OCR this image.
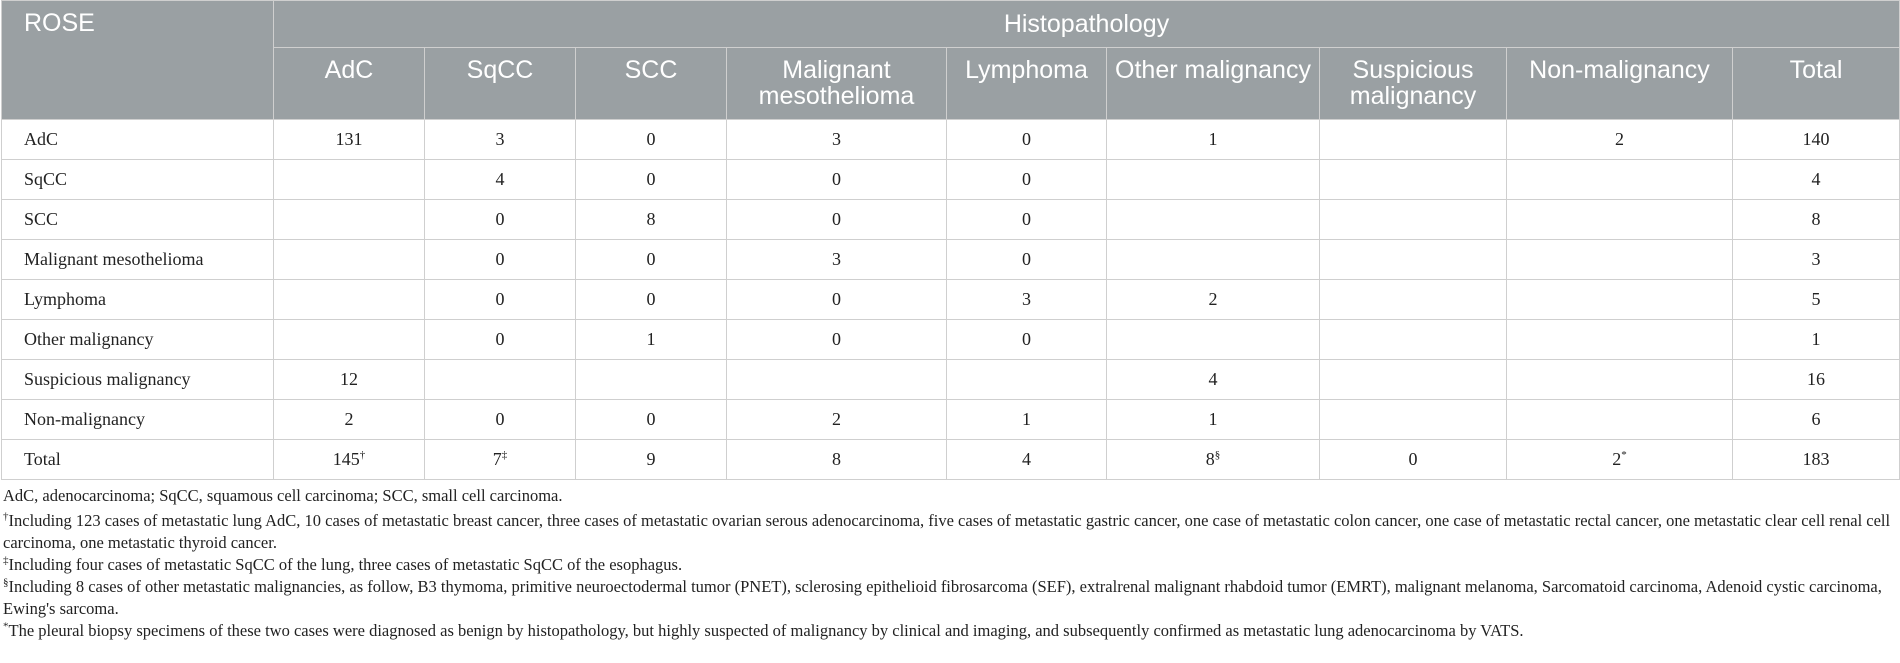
ROSE	Histopathology								
	AdC	SqCC	SCC	Malignant mesothelioma	Lymphoma	Other malignancy	Suspicious malignancy	Non-malignancy	Total
AdC	131	3	0	3	0	1		2	140
SqCC		4	0	0	0				4
SCC		0	8	0	0				8
Malignant mesothelioma		0	0	3	0				3
Lymphoma		0	0	0	3	2			5
Other malignancy		0	1	0	0				1
Suspicious malignancy	12					4			16
Non-malignancy	2	0	0	2	1	1			6
Total	145†	7‡	9	8	4	8§	0	2*	183

AdC, adenocarcinoma; SqCC, squamous cell carcinoma; SCC, small cell carcinoma.

†Including 123 cases of metastatic lung AdC, 10 cases of metastatic breast cancer, three cases of metastatic ovarian serous adenocarcinoma, five cases of metastatic gastric cancer, one case of metastatic colon cancer, one case of metastatic rectal cancer, one metastatic clear cell renal cell carcinoma, one metastatic thyroid cancer.

‡Including four cases of metastatic SqCC of the lung, three cases of metastatic SqCC of the esophagus.

§Including 8 cases of other metastatic malignancies, as follow, B3 thymoma, primitive neuroectodermal tumor (PNET), sclerosing epithelioid fibrosarcoma (SEF), extralrenal malignant rhabdoid tumor (EMRT), malignant melanoma, Sarcomatoid carcinoma, Adenoid cystic carcinoma, Ewing's sarcoma.

*The pleural biopsy specimens of these two cases were diagnosed as benign by histopathology, but highly suspected of malignancy by clinical and imaging, and subsequently confirmed as metastatic lung adenocarcinoma by VATS.
